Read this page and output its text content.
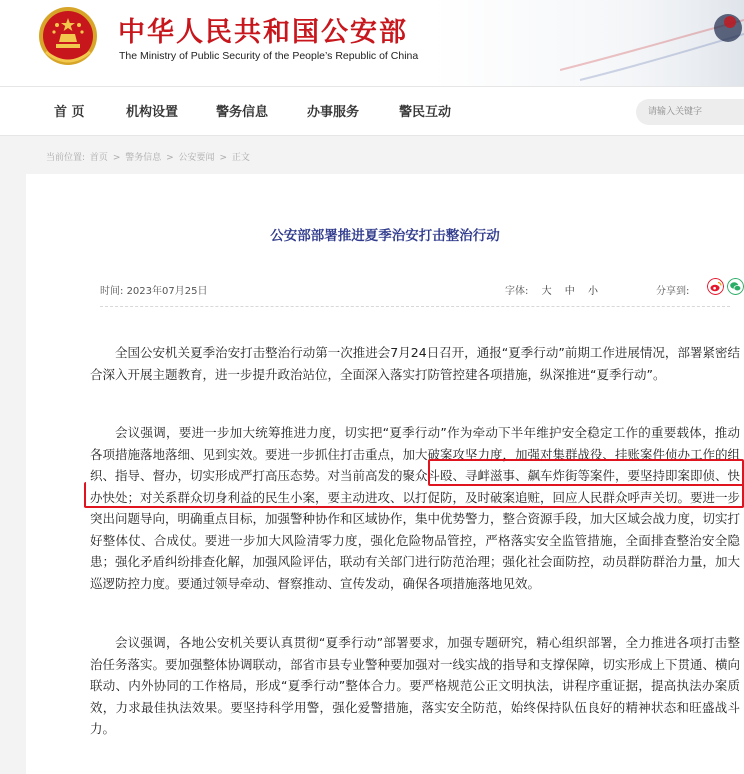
中华人民共和国公安部
The Ministry of Public Security of the People’s Republic of China
首 页	机构设置	警务信息	办事服务	警民互动
请输入关键字
当前位置: 首页 > 警务信息 > 公安要闻 > 正文
公安部部署推进夏季治安打击整治行动
时间: 2023年07月25日	字体: 大 中 小	分享到:

全国公安机关夏季治安打击整治行动第一次推进会7月24日召开，通报“夏季行动”前期工作进展情况，部署紧密结合深入开展主题教育，进一步提升政治站位，全面深入落实打防管控建各项措施，纵深推进“夏季行动”。

会议强调，要进一步加大统筹推进力度，切实把“夏季行动”作为牵动下半年维护安全稳定工作的重要载体，推动各项措施落地落细、见到实效。要进一步抓住打击重点，加大破案攻坚力度，加强对集群战役、挂账案件侦办工作的组织、指导、督办，切实形成严打高压态势。对当前高发的聚众斗殴、寻衅滋事、飙车炸街等案件，要坚持即案即侦、快办快处；对关系群众切身利益的民生小案，要主动进攻、以打促防，及时破案追赃，回应人民群众呼声关切。要进一步突出问题导向，明确重点目标，加强警种协作和区域协作，集中优势警力，整合资源手段，加大区域会战力度，切实打好整体仗、合成仗。要进一步加大风险清零力度，强化危险物品管控，严格落实安全监管措施，全面排查整治安全隐患；强化矛盾纠纷排查化解，加强风险评估，联动有关部门进行防范治理；强化社会面防控，动员群防群治力量，加大巡逻防控力度。要通过领导牵动、督察推动、宣传发动，确保各项措施落地见效。

会议强调，各地公安机关要认真贯彻“夏季行动”部署要求，加强专题研究，精心组织部署，全力推进各项打击整治任务落实。要加强整体协调联动，部省市县专业警种要加强对一线实战的指导和支撑保障，切实形成上下贯通、横向联动、内外协同的工作格局，形成“夏季行动”整体合力。要严格规范公正文明执法，讲程序重证据，提高执法办案质效，力求最佳执法效果。要坚持科学用警，强化爱警措施，落实安全防范，始终保持队伍良好的精神状态和旺盛战斗力。
